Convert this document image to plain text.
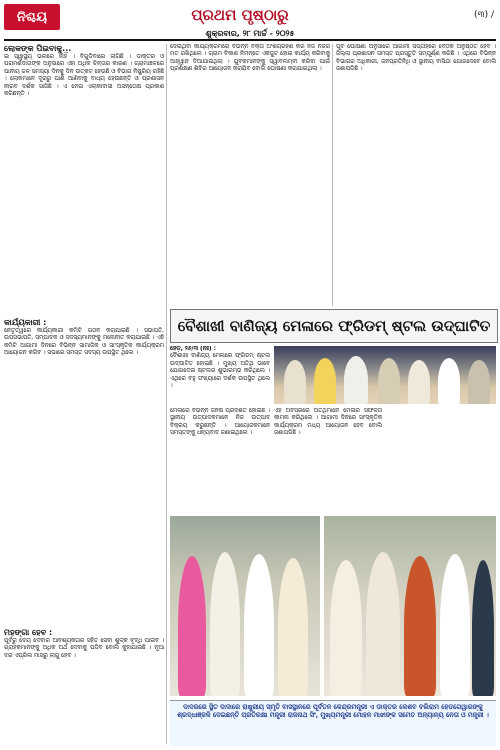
ନିଶ୍ଚୟ	ପ୍ରଥମ ପୃଷ୍ଠାରୁ	(୩) /
ଶୁକ୍ରବାର, ୨୮ ମାର୍ଚ୍ଚ - ୨୦୨୫
ଲୋକଙ୍କ ପିଇବାକୁ...

ଇ ସ୍ୱାସ୍ଥ୍ୟ ଭଲରେ ନାହିଁ । ବିଗୁଡିବାରେ ଲାଗିଛି । ଡାକ୍ତର ଓ ପରାମର୍ଶଦାତାଙ୍କ ଅନୁସାରେ ଏହା ଅଧିକ ଚିନ୍ତାର କାରଣ । ଗ୍ରାମାଞ୍ଚଳରେ ପାନୀୟ ଜଳ ସମସ୍ୟା ଦିନକୁ ଦିନ ଉତ୍କଟ ହେଉଛି ଓ ବିଭାଗ ନିଷ୍କ୍ରିୟ ରହିଛି । ଲୋକମାନେ ଦୂରରୁ ପାଣି ଆଣିବାକୁ ବାଧ୍ୟ ହେଉଛନ୍ତି ଓ ପ୍ରଶାସନ ନୀରବ ଦର୍ଶକ ସାଜିଛି । ଏ ନେଇ ଏଲାକାବାସୀ ଅସନ୍ତୋଷ ପ୍ରକାଶ କରିଛନ୍ତି ।

କାର୍ଯ୍ୟକାରୀ :

ନେତୃତ୍ୱରେ କାର୍ଯ୍ୟକାରୀ କମିଟି ଗଠନ କରାଯାଇଛି । ସଭାପତି, ଉପସଭାପତି, ସମ୍ପାଦକ ଓ ସଦସ୍ୟମାନଙ୍କୁ ମନୋନୀତ କରାଯାଇଛି । ଏହି କମିଟି ଆଗାମୀ ଦିନରେ ବିଭିନ୍ନ ସାମାଜିକ ଓ ସାଂସ୍କୃତିକ କାର୍ଯ୍ୟକ୍ରମ ଆୟୋଜନ କରିବ । ସଭାରେ ସମସ୍ତ ସଦସ୍ୟ ଉପସ୍ଥିତ ଥିଲେ ।

ମହଙ୍ଗା ହେବ :

ପୂର୍ବରୁ ଦେୟ ଦେବାର ଆବଶ୍ୟକତାର ସହିତ ସେବା ଶୁଳ୍କ ବୃଦ୍ଧି ପାଇବ । ଗ୍ରାହକମାନଙ୍କୁ ଅଧିକ ଅର୍ଥ ଦେବାକୁ ପଡିବ ବୋଲି କୁହାଯାଇଛି । ନୂଆ ଦର ଏପ୍ରିଲ ମାସରୁ ଲାଗୁ ହେବ ।

ଦେଇଥିବା କାର୍ଯ୍ୟକ୍ରମରେ ବିଭିନ୍ନ ବକ୍ତା ଅଂଶଗ୍ରହଣ କରି ନିଜ ନିଜର ମତ ରଖିଥିଲେ । ଗ୍ରାମ ବିକାଶ ନିମନ୍ତେ ଏକଜୁଟ ହୋଇ କାର୍ଯ୍ୟ କରିବାକୁ ଆହ୍ୱାନ ଦିଆଯାଇଥିଲା । ଯୁବକମାନଙ୍କୁ ସ୍ୱାବଲମ୍ବୀ କରିବା ପାଇଁ ପ୍ରଶିକ୍ଷଣ ଶିବିର ଆୟୋଜନ କରାଯିବ ବୋଲି ଘୋଷଣା କରାଯାଇଥିଲା ।

ପୂର୍ବ ଘୋଷଣା ଅନୁସାରେ ଆଗାମୀ ସପ୍ତାହରେ ବୈଠକ ଅନୁଷ୍ଠିତ ହେବ । ଜିଲ୍ଲା ପ୍ରଶାସନ ସମସ୍ତ ପ୍ରସ୍ତୁତି ସମ୍ପୂର୍ଣ୍ଣ କରିଛି । ଏଥିରେ ବିଭିନ୍ନ ବିଭାଗର ଅଧିକାରୀ, ଜନପ୍ରତିନିଧି ଓ ସ୍ଥାନୀୟ ବାସିନ୍ଦା ଯୋଗଦେବେ ବୋଲି ଜଣାପଡିଛି ।

ବୈଶାଖୀ ବାଣିଜ୍ୟ ମେଳାରେ ଫ୍ରିଡମ୍ ଷ୍ଟଲ ଉଦ୍‌ଘାଟିତ
ହେଁଡ଼, ୨୬/୩ (ନିଃ) :

ବୈଶାଖୀ ବାଣିଜ୍ୟ ମେଳାରେ ଫ୍ରିଡମ୍ ଷ୍ଟଲ ଉଦ୍‌ଘାଟିତ ହୋଇଛି । ମୁଖ୍ୟ ଅତିଥି ଭାବେ ଯୋଗଦେଇ ଷ୍ଟଲର ଶୁଭାରମ୍ଭ କରିଥିଲେ । ଏଥିରେ ବହୁ ସଂଖ୍ୟାରେ ଦର୍ଶକ ଉପସ୍ଥିତ ଥିଲେ ।

ମେଳାରେ ବିଭିନ୍ନ ଜିନିଷ ପ୍ରଦର୍ଶିତ ହୋଇଛି । ସ୍ଥାନୀୟ ଉତ୍ପାଦକମାନେ ନିଜ ଉତ୍ପାଦ ବିକ୍ରୟ କରୁଛନ୍ତି । ଆୟୋଜକମାନେ ସମସ୍ତଙ୍କୁ ଧନ୍ୟବାଦ ଜଣାଇଥିଲେ ।

ଏହି ଅବସରରେ ଅତିଥିମାନେ ମେଳାର ସଫଳତା କାମନା କରିଥିଲେ । ଆଗାମୀ ଦିନରେ ସାଂସ୍କୃତିକ କାର୍ଯ୍ୟକ୍ରମ ମଧ୍ୟ ଆୟୋଜନ ହେବ ବୋଲି ଜଣାପଡିଛି ।

ଦାଦରରେ ସ୍ଥିତ ଦାଦାରେ ରାଷ୍ଟ୍ରୀୟ ସ୍ମୃତି ବାସସ୍ଥାନରେ ପୂର୍ବତନ କେନ୍ଦ୍ରମନ୍ତ୍ରୀ ଏ ଡାକ୍ତର କେଶବ ବଲିରାମ ହେଡଗେୱାରଙ୍କୁ ଶ୍ରଦ୍ଧାଞ୍ଜଳି ଦେଇଛନ୍ତି ପ୍ରତିରକ୍ଷା ମନ୍ତ୍ରୀ ରାଜନାଥ ସିଂ, ମୁଖ୍ୟମନ୍ତ୍ରୀ ମୋହନ ମାଝୀଙ୍କ ସମେତ ଅନ୍ୟାନ୍ୟ ନେତା ଓ ମନ୍ତ୍ରୀ ।
